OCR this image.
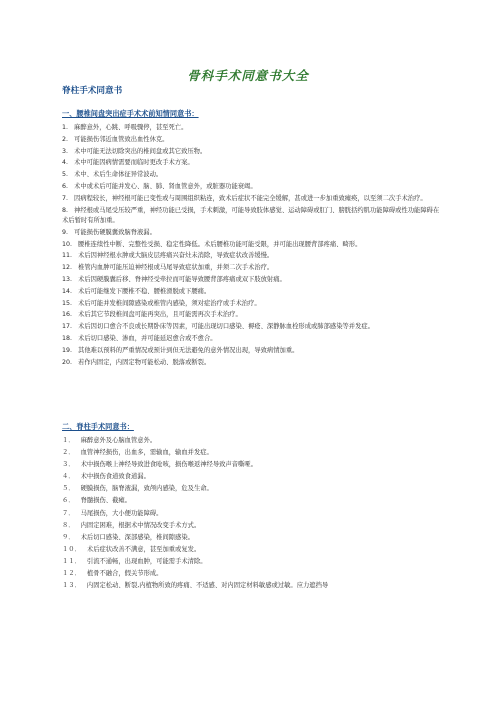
骨科手术同意书大全
脊柱手术同意书
一、腰椎间盘突出症手术术前知情同意书：
1. 麻醉意外，心跳、呼吸骤停，甚至死亡。
2. 可能损伤邻近血管致出血性休克。
3. 术中可能无法切除突出的椎间盘或其它致压物。
4. 术中可能因病情需要而临时更改手术方案。
5. 术中、术后生命体征异常波动。
6. 术中或术后可能并发心、脑、肺、肾血管意外，或脏器功能衰竭。
7. 因病程较长，神经根可能已变性或与周围组织粘连，致术后症状不能完全缓解，甚或进一步加重致瘫痪，以至须二次手术治疗。
8. 神经根或马尾受压较严重，神经功能已受损，手术刺激，可能导致肢体感觉、运动障碍或肛门、膀胱括约肌功能障碍或性功能障碍在术后暂时有所加重。
9. 可能损伤硬膜囊致脑脊液漏。
10. 腰椎连续性中断、完整性受损、稳定性降低。术后腰椎功能可能受限，并可能出现腰背部疼痛、畸形。
11. 术后因神经根水肿或大脑皮层疼痛兴奋灶未消除，导致症状改善缓慢。
12. 椎管内血肿可能压迫神经根或马尾导致症状加重，并须二次手术治疗。
13. 术后因硬膜囊后移、脊神经受牵拉而可能导致腰背部疼痛或双下肢放射痛。
14. 术后可能继发下腰椎不稳、腰椎滑脱或下腰痛。
15. 术后可能并发椎间隙感染或椎管内感染，须对症治疗或手术治疗。
16. 术后其它节段椎间盘可能再突出，且可能需再次手术治疗。
17. 术后因切口愈合不良或长期卧床等因素，可能出现切口感染、褥疮、深静脉血栓形成或肺部感染等并发症。
18. 术后切口感染、渗血，并可能延迟愈合或不愈合。
19. 其他难以预料的严重情况或预计到但无法避免的意外情况出现，导致病情加重。
20. 若作内固定，内固定物可能松动、脱落或断裂。
二、脊柱手术同意书：
１． 麻醉意外及心脑血管意外。
２． 血管神经损伤，出血多，需输血，输血并发症。
３． 术中损伤喉上神经导致进食呛咳，损伤喉返神经导致声音嘶哑。
４． 术中损伤食道致食道漏。
５． 硬膜损伤，脑脊液漏，致颅内感染，危及生命。
６． 脊髓损伤、截瘫。
７． 马尾损伤，大小便功能障碍。
８． 内固定困难，根据术中情况改变手术方式。
９． 术后切口感染、深部感染，椎间隙感染。
１０． 术后症状改善不满意，甚至加重或复发。
１１． 引流不通畅，出现血肿，可能需手术清除。
１２． 植骨不融合，假关节形成。
１３． 内固定松动、断裂,内植物所致的疼痛、不适感、对内固定材料敏感或过敏。应力遮挡导
